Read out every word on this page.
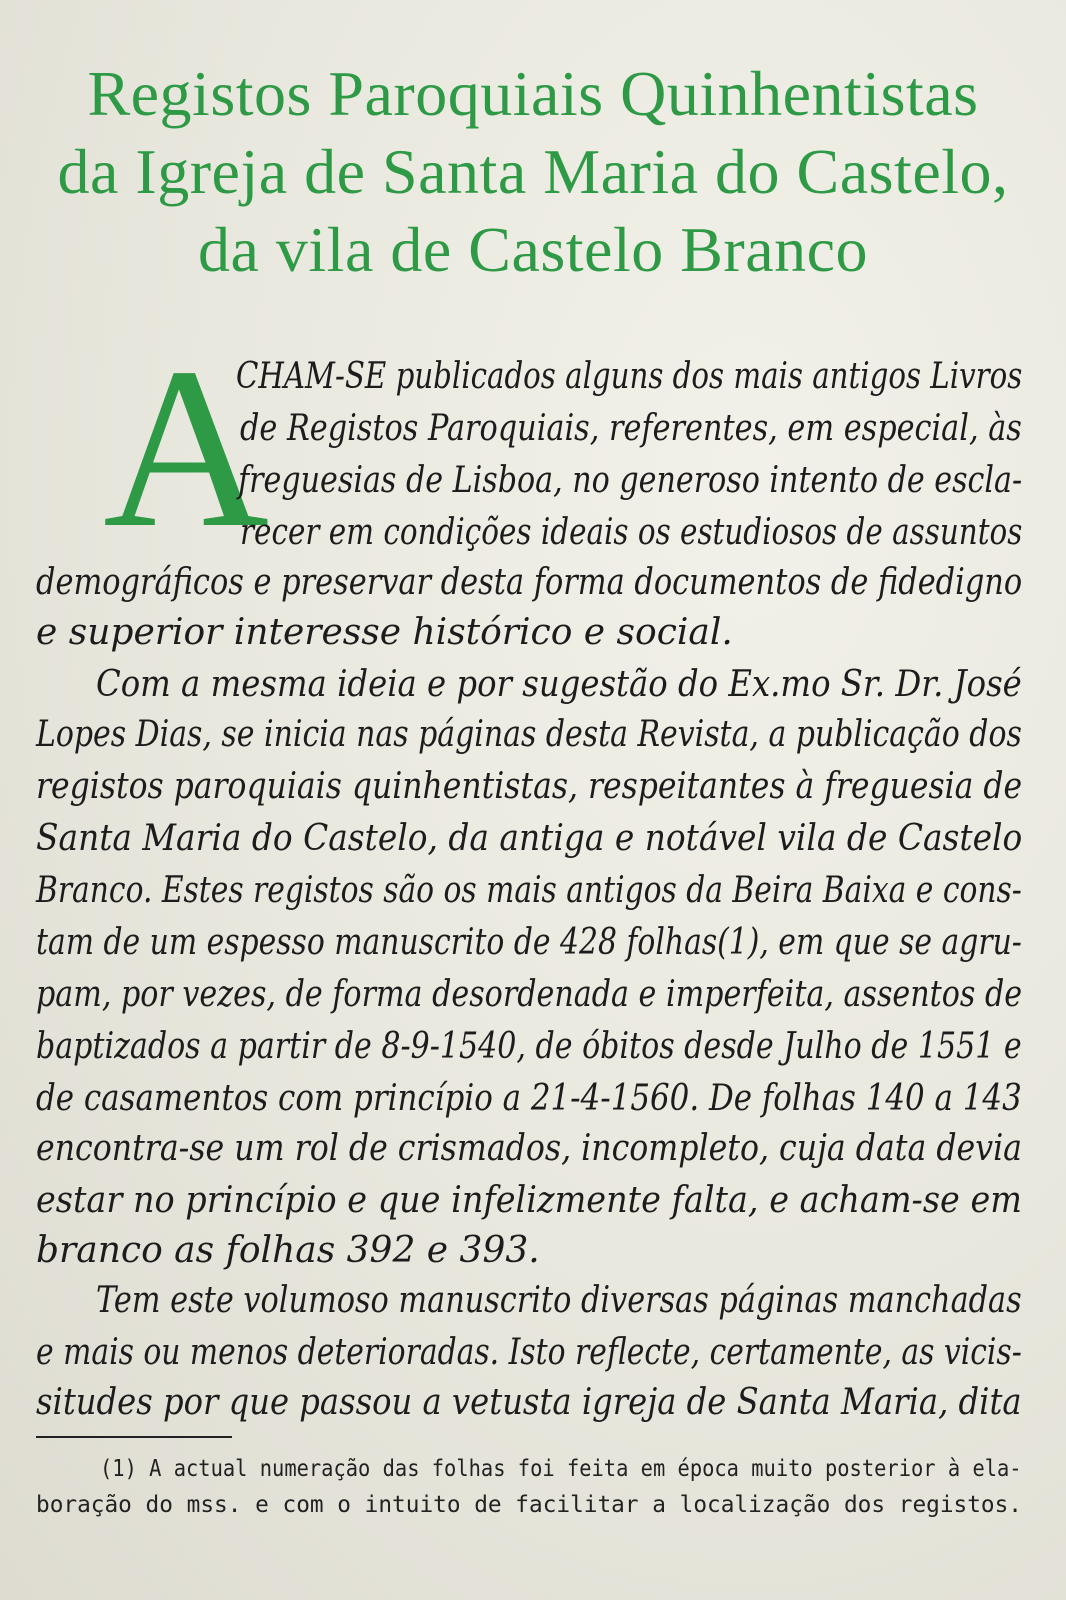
Registos Paroquiais Quinhentistas
da Igreja de Santa Maria do Castelo,
da vila de Castelo Branco
A
CHAM-SE publicados alguns dos mais antigos Livros
de Registos Paroquiais, referentes, em especial, às
freguesias de Lisboa, no generoso intento de escla-
recer em condições ideais os estudiosos de assuntos
demográficos e preservar desta forma documentos de fidedigno
e superior interesse histórico e social.
Com a mesma ideia e por sugestão do Ex.mo Sr. Dr. José
Lopes Dias, se inicia nas páginas desta Revista, a publicação dos
registos paroquiais quinhentistas, respeitantes à freguesia de
Santa Maria do Castelo, da antiga e notável vila de Castelo
Branco. Estes registos são os mais antigos da Beira Baixa e cons-
tam de um espesso manuscrito de 428 folhas(1), em que se agru-
pam, por vezes, de forma desordenada e imperfeita, assentos de
baptizados a partir de 8-9-1540, de óbitos desde Julho de 1551 e
de casamentos com princípio a 21-4-1560. De folhas 140 a 143
encontra-se um rol de crismados, incompleto, cuja data devia
estar no princípio e que infelizmente falta, e acham-se em
branco as folhas 392 e 393.
Tem este volumoso manuscrito diversas páginas manchadas
e mais ou menos deterioradas. Isto reflecte, certamente, as vicis-
situdes por que passou a vetusta igreja de Santa Maria, dita
(1) A actual numeração das folhas foi feita em época muito posterior à ela-
boração do mss. e com o intuito de facilitar a localização dos registos.
